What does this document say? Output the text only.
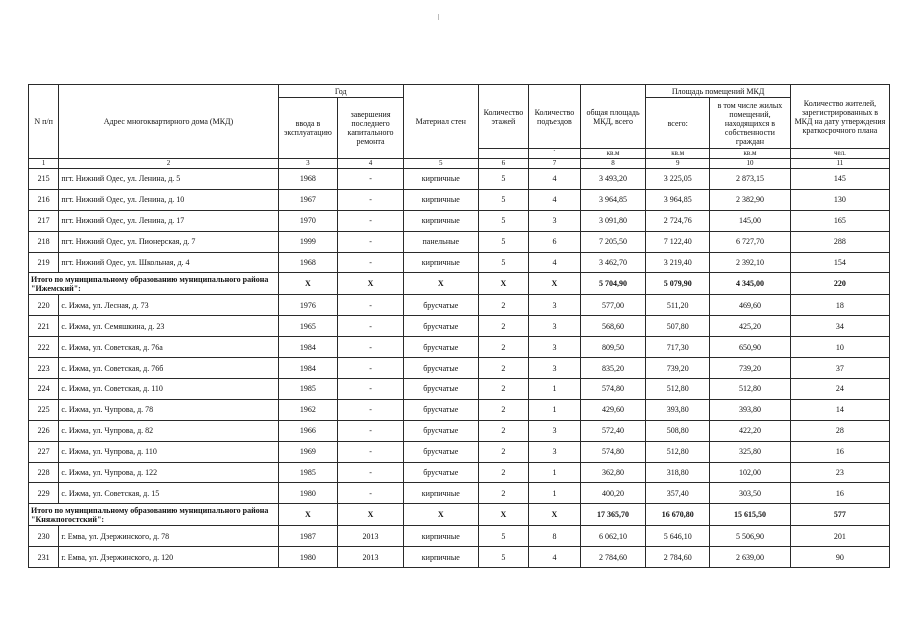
N п/п	Адрес многоквартирного дома (МКД)	Год		Материал стен	Количество этажей	Количество подъездов	общая площадь МКД, всего	Площадь помещений МКД		Количество жителей, зарегистрированных в МКД на дату утверждения краткосрочного плана
		ввода в эксплуатацию	завершения последнего капитального ремонта					всего:	в том числе жилых помещений, находящихся в собственности граждан	
						`	кв.м	кв.м	кв.м	чел.
1	2	3	4	5	6	7	8	9	10	11
215	пгт. Нижний Одес, ул. Ленина, д. 5	1968	-	кирпичные	5	4	3 493,20	3 225,05	2 873,15	145
216	пгт. Нижний Одес, ул. Ленина, д. 10	1967	-	кирпичные	5	4	3 964,85	3 964,85	2 382,90	130
217	пгт. Нижний Одес, ул. Ленина, д. 17	1970	-	кирпичные	5	3	3 091,80	2 724,76	145,00	165
218	пгт. Нижний Одес, ул. Пионерская, д. 7	1999	-	панельные	5	6	7 205,50	7 122,40	6 727,70	288
219	пгт. Нижний Одес, ул. Школьная, д. 4	1968	-	кирпичные	5	4	3 462,70	3 219,40	2 392,10	154
Итого по муниципальному образованию муниципального района "Ижемский":		X	X	X	X	X	5 704,90	5 079,90	4 345,00	220
220	с. Ижма, ул. Лесная, д. 73	1976	-	брусчатые	2	3	577,00	511,20	469,60	18
221	с. Ижма, ул. Семяшкина, д. 23	1965	-	брусчатые	2	3	568,60	507,80	425,20	34
222	с. Ижма, ул. Советская, д. 76а	1984	-	брусчатые	2	3	809,50	717,30	650,90	10
223	с. Ижма, ул. Советская, д. 76б	1984	-	брусчатые	2	3	835,20	739,20	739,20	37
224	с. Ижма, ул. Советская, д. 110	1985	-	брусчатые	2	1	574,80	512,80	512,80	24
225	с. Ижма, ул. Чупрова, д. 78	1962	-	брусчатые	2	1	429,60	393,80	393,80	14
226	с. Ижма, ул. Чупрова, д. 82	1966	-	брусчатые	2	3	572,40	508,80	422,20	28
227	с. Ижма, ул. Чупрова, д. 110	1969	-	брусчатые	2	3	574,80	512,80	325,80	16
228	с. Ижма, ул. Чупрова, д. 122	1985	-	брусчатые	2	1	362,80	318,80	102,00	23
229	с. Ижма, ул. Советская, д. 15	1980	-	кирпичные	2	1	400,20	357,40	303,50	16
Итого по муниципальному образованию муниципального района "Княжпогостский":		X	X	X	X	X	17 365,70	16 670,80	15 615,50	577
230	г. Емва, ул. Дзержинского, д. 78	1987	2013	кирпичные	5	8	6 062,10	5 646,10	5 506,90	201
231	г. Емва, ул. Дзержинского, д. 120	1980	2013	кирпичные	5	4	2 784,60	2 784,60	2 639,00	90
